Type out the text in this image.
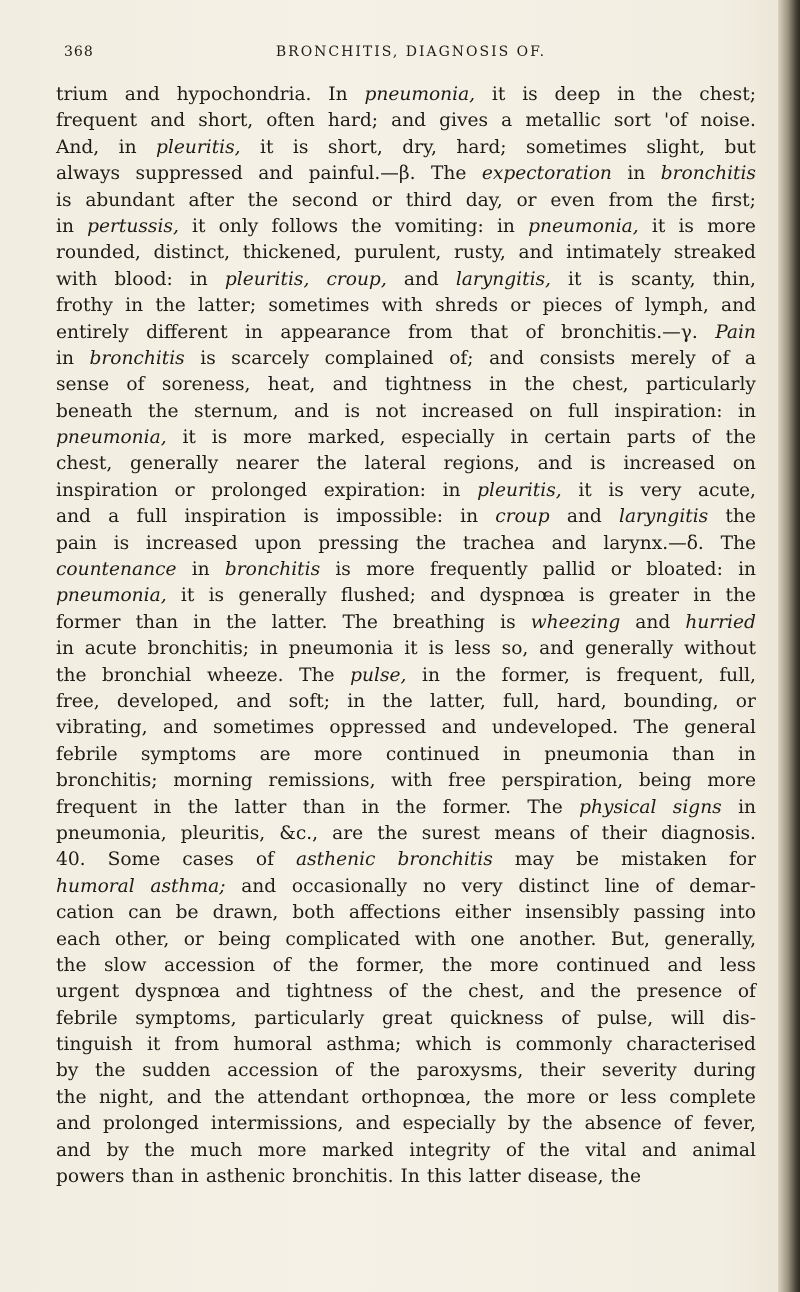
368	BRONCHITIS, DIAGNOSIS OF.
trium and hypochondria. In pneumonia, it is deep in the chest;
frequent and short, often hard; and gives a metallic sort 'of noise.
And, in pleuritis, it is short, dry, hard; sometimes slight, but
always suppressed and painful.—β. The expectoration in bronchitis
is abundant after the second or third day, or even from the first;
in pertussis, it only follows the vomiting: in pneumonia, it is more
rounded, distinct, thickened, purulent, rusty, and intimately streaked
with blood: in pleuritis, croup, and laryngitis, it is scanty, thin,
frothy in the latter; sometimes with shreds or pieces of lymph, and
entirely different in appearance from that of bronchitis.—γ. Pain
in bronchitis is scarcely complained of; and consists merely of a
sense of soreness, heat, and tightness in the chest, particularly
beneath the sternum, and is not increased on full inspiration: in
pneumonia, it is more marked, especially in certain parts of the
chest, generally nearer the lateral regions, and is increased on
inspiration or prolonged expiration: in pleuritis, it is very acute,
and a full inspiration is impossible: in croup and laryngitis the
pain is increased upon pressing the trachea and larynx.—δ. The
countenance in bronchitis is more frequently pallid or bloated: in
pneumonia, it is generally flushed; and dyspnœa is greater in the
former than in the latter. The breathing is wheezing and hurried
in acute bronchitis; in pneumonia it is less so, and generally without
the bronchial wheeze. The pulse, in the former, is frequent, full,
free, developed, and soft; in the latter, full, hard, bounding, or
vibrating, and sometimes oppressed and undeveloped. The general
febrile symptoms are more continued in pneumonia than in
bronchitis; morning remissions, with free perspiration, being more
frequent in the latter than in the former. The physical signs in
pneumonia, pleuritis, &c., are the surest means of their diagnosis.
40. Some cases of asthenic bronchitis may be mistaken for
humoral asthma; and occasionally no very distinct line of demar-
cation can be drawn, both affections either insensibly passing into
each other, or being complicated with one another. But, generally,
the slow accession of the former, the more continued and less
urgent dyspnœa and tightness of the chest, and the presence of
febrile symptoms, particularly great quickness of pulse, will dis-
tinguish it from humoral asthma; which is commonly characterised
by the sudden accession of the paroxysms, their severity during
the night, and the attendant orthopnœa, the more or less complete
and prolonged intermissions, and especially by the absence of fever,
and by the much more marked integrity of the vital and animal
powers than in asthenic bronchitis. In this latter disease, the
